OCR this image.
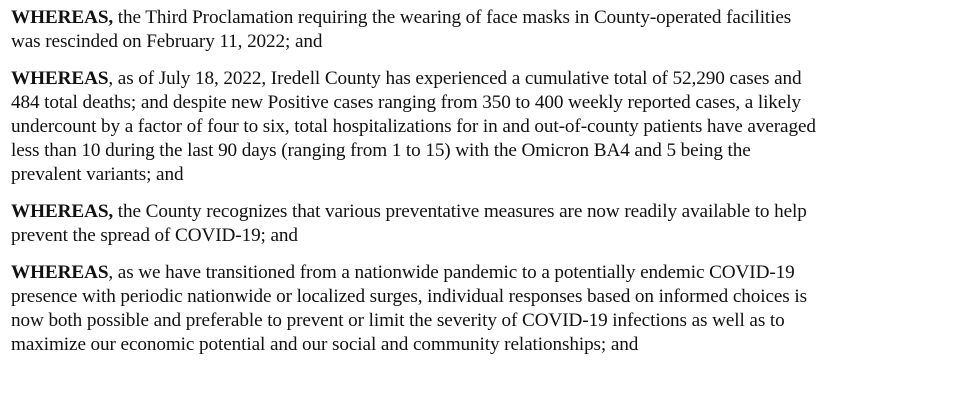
WHEREAS, the Third Proclamation requiring the wearing of face masks in County-operated facilities
was rescinded on February 11, 2022; and

WHEREAS, as of July 18, 2022, Iredell County has experienced a cumulative total of 52,290 cases and
484 total deaths; and despite new Positive cases ranging from 350 to 400 weekly reported cases, a likely
undercount by a factor of four to six, total hospitalizations for in and out-of-county patients have averaged
less than 10 during the last 90 days (ranging from 1 to 15) with the Omicron BA4 and 5 being the
prevalent variants; and

WHEREAS, the County recognizes that various preventative measures are now readily available to help
prevent the spread of COVID-19; and

WHEREAS, as we have transitioned from a nationwide pandemic to a potentially endemic COVID-19
presence with periodic nationwide or localized surges, individual responses based on informed choices is
now both possible and preferable to prevent or limit the severity of COVID-19 infections as well as to
maximize our economic potential and our social and community relationships; and
